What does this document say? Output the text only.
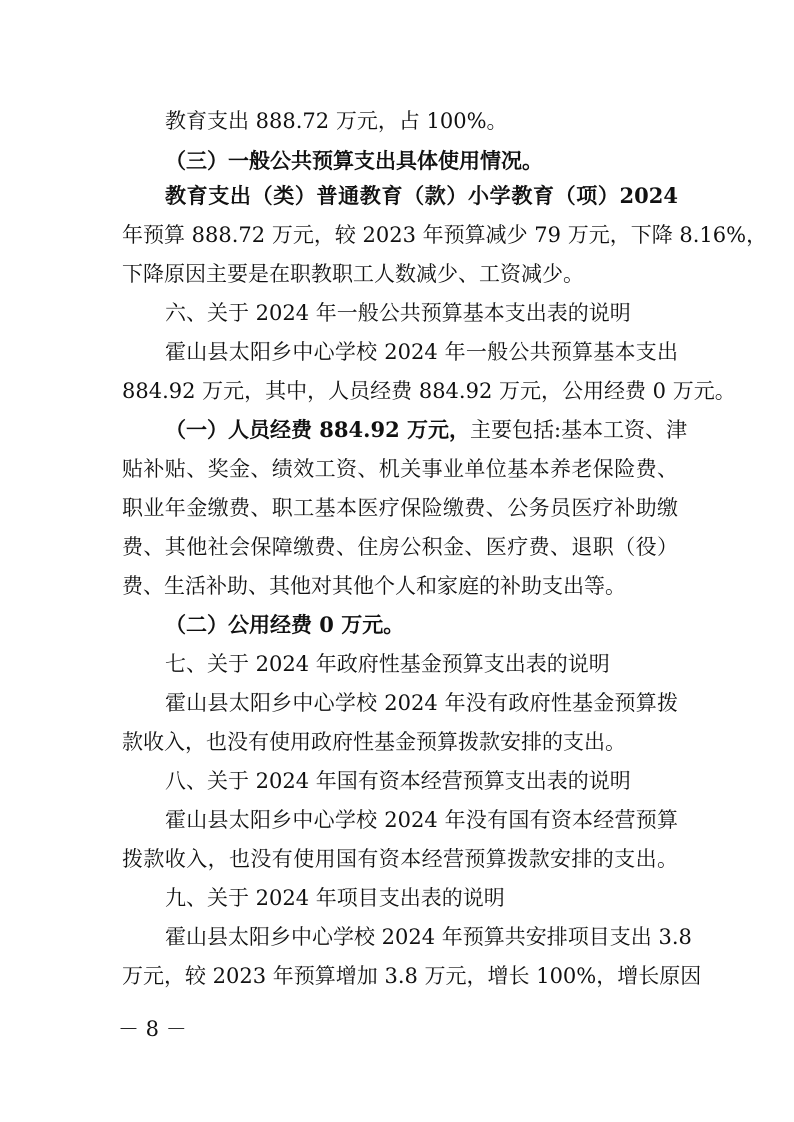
教育支出 888.72 万元，占 100%。
（三）一般公共预算支出具体使用情况。
教育支出（类）普通教育（款）小学教育（项）2024
年预算 888.72 万元，较 2023 年预算减少 79 万元，下降 8.16%，
下降原因主要是在职教职工人数减少、工资减少。
六、关于 2024 年一般公共预算基本支出表的说明
霍山县太阳乡中心学校 2024 年一般公共预算基本支出
884.92 万元，其中，人员经费 884.92 万元，公用经费 0 万元。
（一）人员经费 884.92 万元，主要包括:基本工资、津
贴补贴、奖金、绩效工资、机关事业单位基本养老保险费、
职业年金缴费、职工基本医疗保险缴费、公务员医疗补助缴
费、其他社会保障缴费、住房公积金、医疗费、退职（役）
费、生活补助、其他对其他个人和家庭的补助支出等。
（二）公用经费 0 万元。
七、关于 2024 年政府性基金预算支出表的说明
霍山县太阳乡中心学校 2024 年没有政府性基金预算拨
款收入，也没有使用政府性基金预算拨款安排的支出。
八、关于 2024 年国有资本经营预算支出表的说明
霍山县太阳乡中心学校 2024 年没有国有资本经营预算
拨款收入，也没有使用国有资本经营预算拨款安排的支出。
九、关于 2024 年项目支出表的说明
霍山县太阳乡中心学校 2024 年预算共安排项目支出 3.8
万元，较 2023 年预算增加 3.8 万元，增长 100%，增长原因
－ 8 －
